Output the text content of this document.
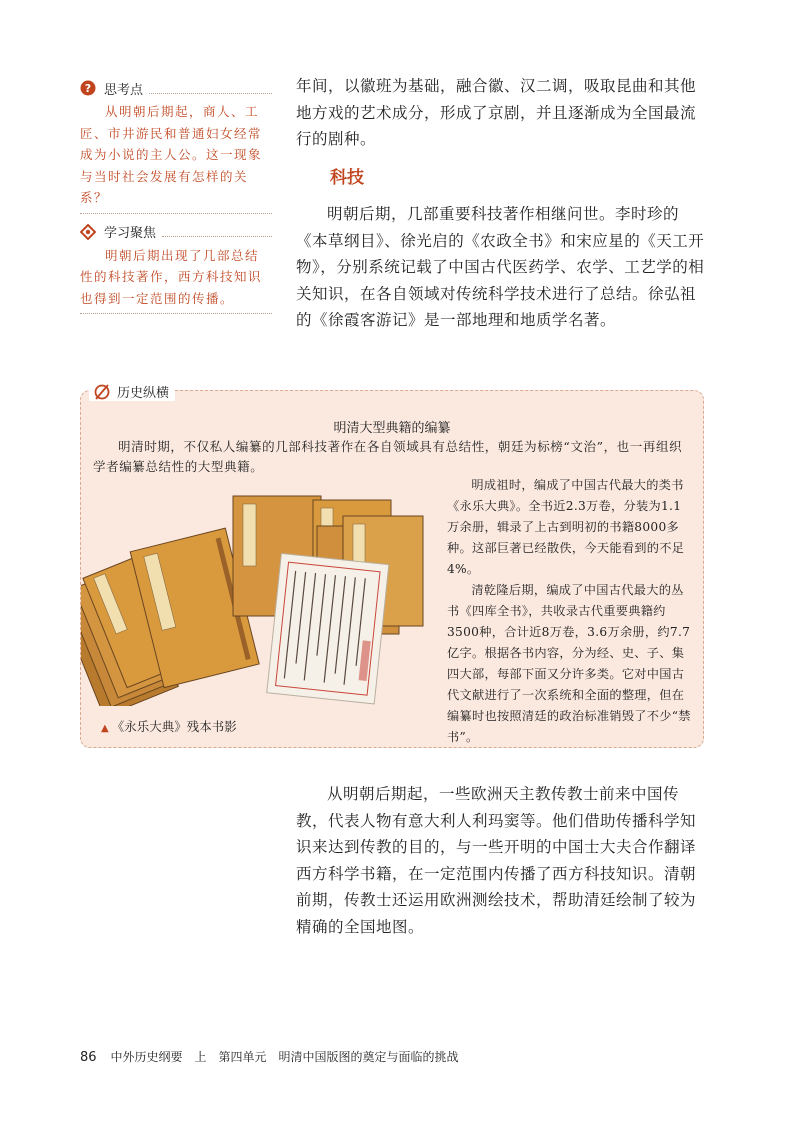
? 思考点

从明朝后期起，商人、工匠、市井游民和普通妇女经常成为小说的主人公。这一现象与当时社会发展有怎样的关系？

学习聚焦

明朝后期出现了几部总结性的科技著作，西方科技知识也得到一定范围的传播。

年间，以徽班为基础，融合徽、汉二调，吸取昆曲和其他地方戏的艺术成分，形成了京剧，并且逐渐成为全国最流行的剧种。

科技

明朝后期，几部重要科技著作相继问世。李时珍的《本草纲目》、徐光启的《农政全书》和宋应星的《天工开物》，分别系统记载了中国古代医药学、农学、工艺学的相关知识，在各自领域对传统科学技术进行了总结。徐弘祖的《徐霞客游记》是一部地理和地质学名著。

历史纵横
明清大型典籍的编纂

明清时期，不仅私人编纂的几部科技著作在各自领域具有总结性，朝廷为标榜“文治”，也一再组织学者编纂总结性的大型典籍。

▲ 《永乐大典》残本书影

明成祖时，编成了中国古代最大的类书《永乐大典》。全书近2.3万卷，分装为1.1万余册，辑录了上古到明初的书籍8000多种。这部巨著已经散佚，今天能看到的不足4%。

清乾隆后期，编成了中国古代最大的丛书《四库全书》，共收录古代重要典籍约3500种，合计近8万卷，3.6万余册，约7.7亿字。根据各书内容，分为经、史、子、集四大部，每部下面又分许多类。它对中国古代文献进行了一次系统和全面的整理，但在编纂时也按照清廷的政治标准销毁了不少“禁书”。

从明朝后期起，一些欧洲天主教传教士前来中国传教，代表人物有意大利人利玛窦等。他们借助传播科学知识来达到传教的目的，与一些开明的中国士大夫合作翻译西方科学书籍，在一定范围内传播了西方科技知识。清朝前期，传教士还运用欧洲测绘技术，帮助清廷绘制了较为精确的全国地图。

86 中外历史纲要　上　第四单元　明清中国版图的奠定与面临的挑战
